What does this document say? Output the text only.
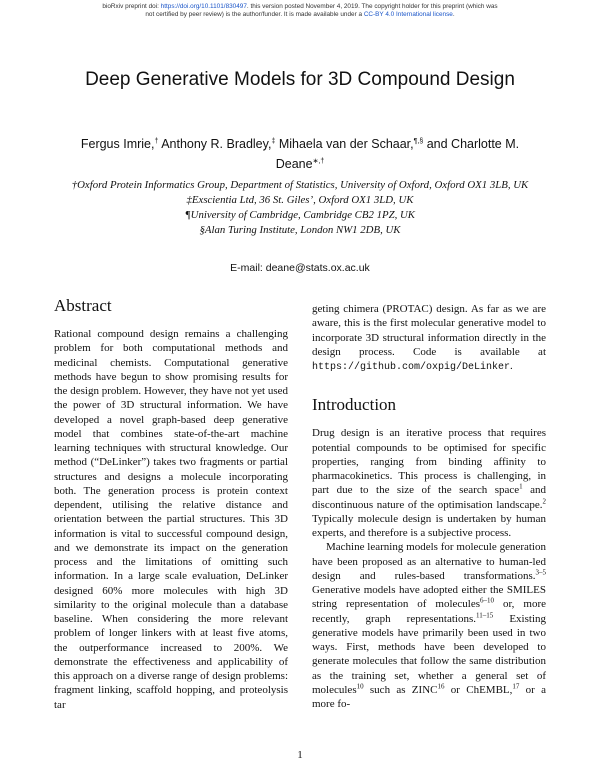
bioRxiv preprint doi: https://doi.org/10.1101/830497. this version posted November 4, 2019. The copyright holder for this preprint (which was
not certified by peer review) is the author/funder. It is made available under a CC-BY 4.0 International license.
Deep Generative Models for 3D Compound Design
Fergus Imrie,† Anthony R. Bradley,‡ Mihaela van der Schaar,¶,§ and Charlotte M. Deane∗,†
†Oxford Protein Informatics Group, Department of Statistics, University of Oxford, Oxford OX1 3LB, UK
‡Exscientia Ltd, 36 St. Giles’, Oxford OX1 3LD, UK
¶University of Cambridge, Cambridge CB2 1PZ, UK
§Alan Turing Institute, London NW1 2DB, UK
E-mail: deane@stats.ox.ac.uk
Abstract

Rational compound design remains a challenging problem for both computational methods and medicinal chemists. Computational generative methods have begun to show promising results for the design problem. However, they have not yet used the power of 3D structural information. We have developed a novel graph-based deep generative model that combines state-of-the-art machine learning techniques with structural knowledge. Our method (“DeLinker”) takes two fragments or partial structures and designs a molecule incorporating both. The generation process is protein context dependent, utilising the relative distance and orientation between the partial structures. This 3D information is vital to successful compound design, and we demonstrate its impact on the generation process and the limitations of omitting such information. In a large scale evaluation, DeLinker designed 60% more molecules with high 3D similarity to the original molecule than a database baseline. When considering the more relevant problem of longer linkers with at least five atoms, the outperformance increased to 200%. We demonstrate the effectiveness and applicability of this approach on a diverse range of design problems: fragment linking, scaffold hopping, and proteolysis tar

geting chimera (PROTAC) design. As far as we are aware, this is the first molecular generative model to incorporate 3D structural information directly in the design process. Code is available at https://github.com/oxpig/DeLinker.

Introduction

Drug design is an iterative process that requires potential compounds to be optimised for specific properties, ranging from binding affinity to pharmacokinetics. This process is challenging, in part due to the size of the search space$^1$ and discontinuous nature of the optimisation landscape.$^2$ Typically molecule design is undertaken by human experts, and therefore is a subjective process.

Machine learning models for molecule generation have been proposed as an alternative to human-led design and rules-based transformations.$^{3-5}$ Generative models have adopted either the SMILES string representation of molecules$^{6-10}$ or, more recently, graph representations.$^{11-15}$ Existing generative models have primarily been used in two ways. First, methods have been developed to generate molecules that follow the same distribution as the training set, whether a general set of molecules$^{10}$ such as ZINC$^{16}$ or ChEMBL,$^{17}$ or a more fo-

1
